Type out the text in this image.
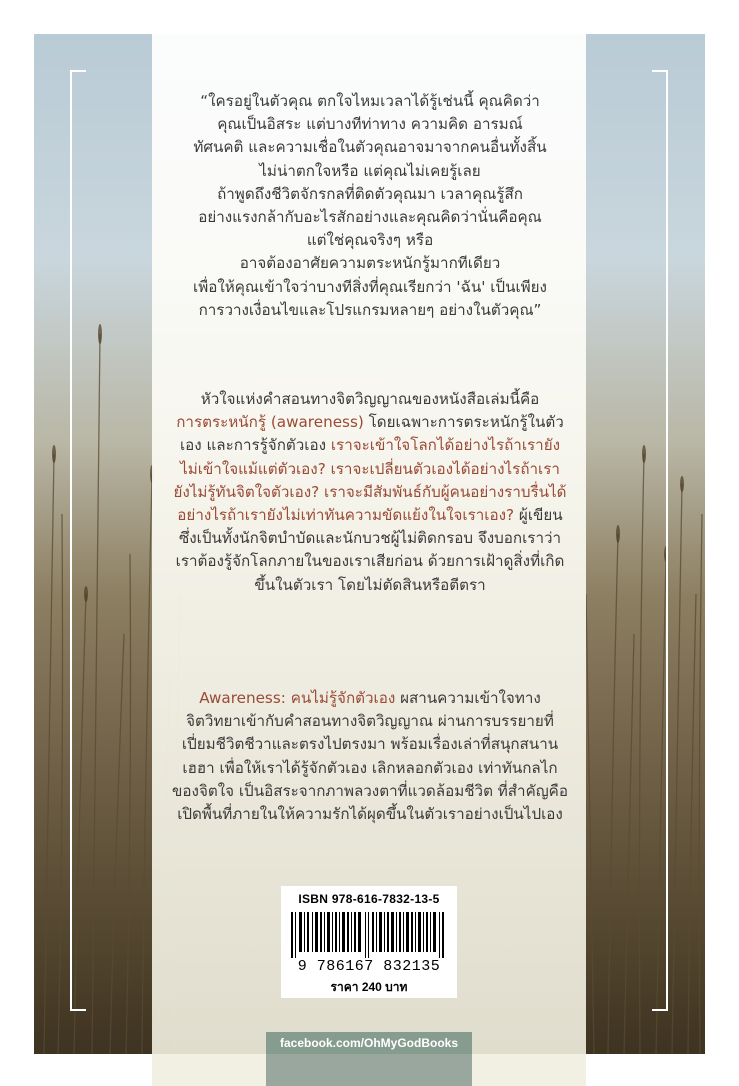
“ใครอยู่ในตัวคุณ ตกใจไหมเวลาได้รู้เช่นนี้ คุณคิดว่า
คุณเป็นอิสระ แต่บางทีท่าทาง ความคิด อารมณ์
ทัศนคติ และความเชื่อในตัวคุณอาจมาจากคนอื่นทั้งสิ้น
ไม่น่าตกใจหรือ แต่คุณไม่เคยรู้เลย
ถ้าพูดถึงชีวิตจักรกลที่ติดตัวคุณมา เวลาคุณรู้สึก
อย่างแรงกล้ากับอะไรสักอย่างและคุณคิดว่านั่นคือคุณ
แต่ใช่คุณจริงๆ หรือ
อาจต้องอาศัยความตระหนักรู้มากทีเดียว
เพื่อให้คุณเข้าใจว่าบางทีสิ่งที่คุณเรียกว่า 'ฉัน' เป็นเพียง
การวางเงื่อนไขและโปรแกรมหลายๆ อย่างในตัวคุณ”
หัวใจแห่งคำสอนทางจิตวิญญาณของหนังสือเล่มนี้คือ
การตระหนักรู้ (awareness) โดยเฉพาะการตระหนักรู้ในตัวเอง และการรู้จักตัวเอง เราจะเข้าใจโลกได้อย่างไรถ้าเรายังไม่เข้าใจแม้แต่ตัวเอง? เราจะเปลี่ยนตัวเองได้อย่างไรถ้าเรายังไม่รู้ทันจิตใจตัวเอง? เราจะมีสัมพันธ์กับผู้คนอย่างราบรื่นได้อย่างไรถ้าเรายังไม่เท่าทันความขัดแย้งในใจเราเอง? ผู้เขียนซึ่งเป็นทั้งนักจิตบำบัดและนักบวชผู้ไม่ติดกรอบ จึงบอกเราว่า เราต้องรู้จักโลกภายในของเราเสียก่อน ด้วยการเฝ้าดูสิ่งที่เกิดขึ้นในตัวเรา โดยไม่ตัดสินหรือตีตรา
Awareness: คนไม่รู้จักตัวเอง ผสานความเข้าใจทางจิตวิทยาเข้ากับคำสอนทางจิตวิญญาณ ผ่านการบรรยายที่เปี่ยมชีวิตชีวาและตรงไปตรงมา พร้อมเรื่องเล่าที่สนุกสนานเฮฮา เพื่อให้เราได้รู้จักตัวเอง เลิกหลอกตัวเอง เท่าทันกลไกของจิตใจ เป็นอิสระจากภาพลวงตาที่แวดล้อมชีวิต ที่สำคัญคือ เปิดพื้นที่ภายในให้ความรักได้ผุดขึ้นในตัวเราอย่างเป็นไปเอง
ISBN 978-616-7832-13-5
9 786167 832135
ราคา 240 บาท
facebook.com/OhMyGodBooks
